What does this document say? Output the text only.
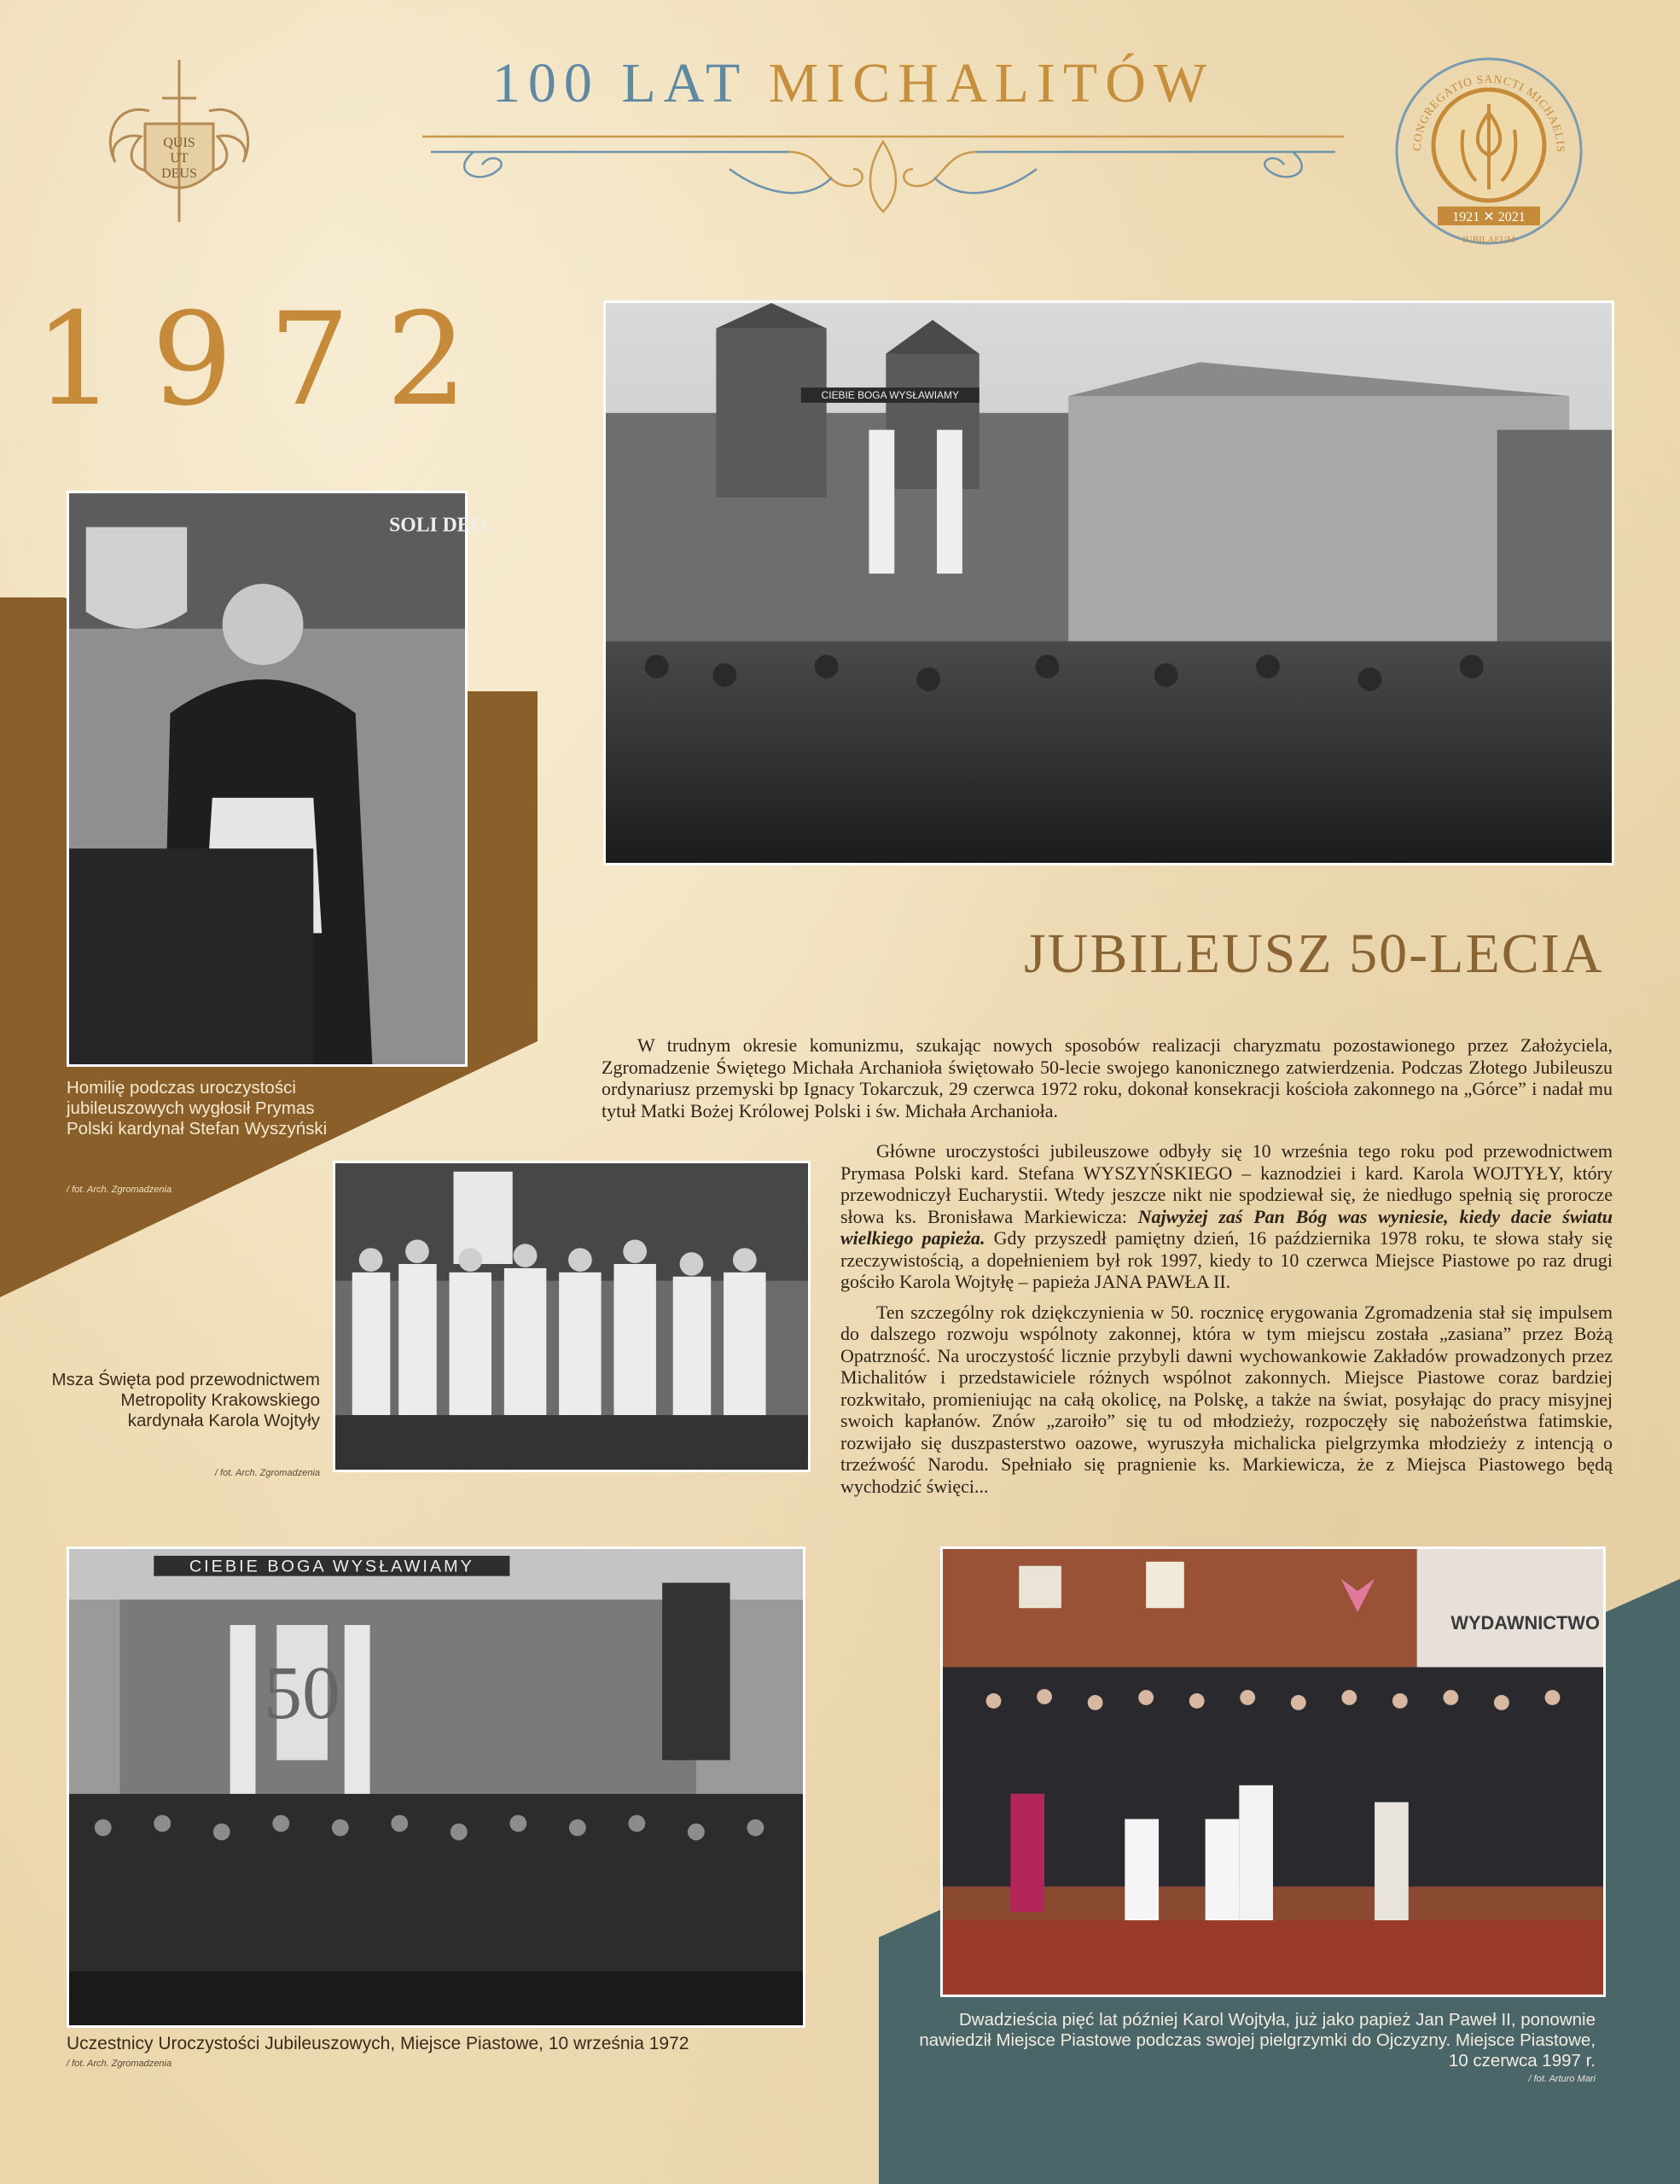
QUIS
UT
DEUS
100 LAT MICHALITÓW
CONGREGATIO SANCTI MICHAELIS
1921 ✕ 2021
IUBILAEUM
1972	CIEBIE BOGA WYSŁAWIAMY
SOLI DEO
Homilię podczas uroczystości jubileuszowych wygłosił Prymas Polski kardynał Stefan Wyszyński
/ fot. Arch. Zgromadzenia
Msza Święta pod przewodnictwem Metropolity Krakowskiego kardynała Karola Wojtyły
/ fot. Arch. Zgromadzenia
JUBILEUSZ 50-LECIA

W trudnym okresie komunizmu, szukając nowych sposobów realizacji charyzmatu pozostawionego przez Założyciela, Zgromadzenie Świętego Michała Archanioła świętowało 50-lecie swojego kanonicznego zatwierdzenia. Podczas Złotego Jubileuszu ordynariusz przemyski bp Ignacy Tokarczuk, 29 czerwca 1972 roku, dokonał konsekracji kościoła zakonnego na „Górce” i nadał mu tytuł Matki Bożej Królowej Polski i św. Michała Archanioła.

Główne uroczystości jubileuszowe odbyły się 10 września tego roku pod przewodnictwem Prymasa Polski kard. Stefana WYSZYŃSKIEGO – kaznodziei i kard. Karola WOJTYŁY, który przewodniczył Eucharystii. Wtedy jeszcze nikt nie spodziewał się, że niedługo spełnią się prorocze słowa ks. Bronisława Markiewicza: Najwyżej zaś Pan Bóg was wyniesie, kiedy dacie światu wielkiego papieża. Gdy przyszedł pamiętny dzień, 16 października 1978 roku, te słowa stały się rzeczywistością, a dopełnieniem był rok 1997, kiedy to 10 czerwca Miejsce Piastowe po raz drugi gościło Karola Wojtyłę – papieża JANA PAWŁA II.

Ten szczególny rok dziękczynienia w 50. rocznicę erygowania Zgromadzenia stał się impulsem do dalszego rozwoju wspólnoty zakonnej, która w tym miejscu została „zasiana” przez Bożą Opatrzność. Na uroczystość licznie przybyli dawni wychowankowie Zakładów prowadzonych przez Michalitów i przedstawiciele różnych wspólnot zakonnych. Miejsce Piastowe coraz bardziej rozkwitało, promieniując na całą okolicę, na Polskę, a także na świat, posyłając do pracy misyjnej swoich kapłanów. Znów „zaroiło” się tu od młodzieży, rozpoczęły się nabożeństwa fatimskie, rozwijało się duszpasterstwo oazowe, wyruszyła michalicka pielgrzymka młodzieży z intencją o trzeźwość Narodu. Spełniało się pragnienie ks. Markiewicza, że z Miejsca Piastowego będą wychodzić święci...

CIEBIE BOGA WYSŁAWIAMY
50
Uczestnicy Uroczystości Jubileuszowych, Miejsce Piastowe, 10 września 1972
/ fot. Arch. Zgromadzenia
WYDAWNICTWO
Dwadzieścia pięć lat później Karol Wojtyła, już jako papież Jan Paweł II, ponownie nawiedził Miejsce Piastowe podczas swojej pielgrzymki do Ojczyzny. Miejsce Piastowe, 10 czerwca 1997 r.
/ fot. Arturo Mari
